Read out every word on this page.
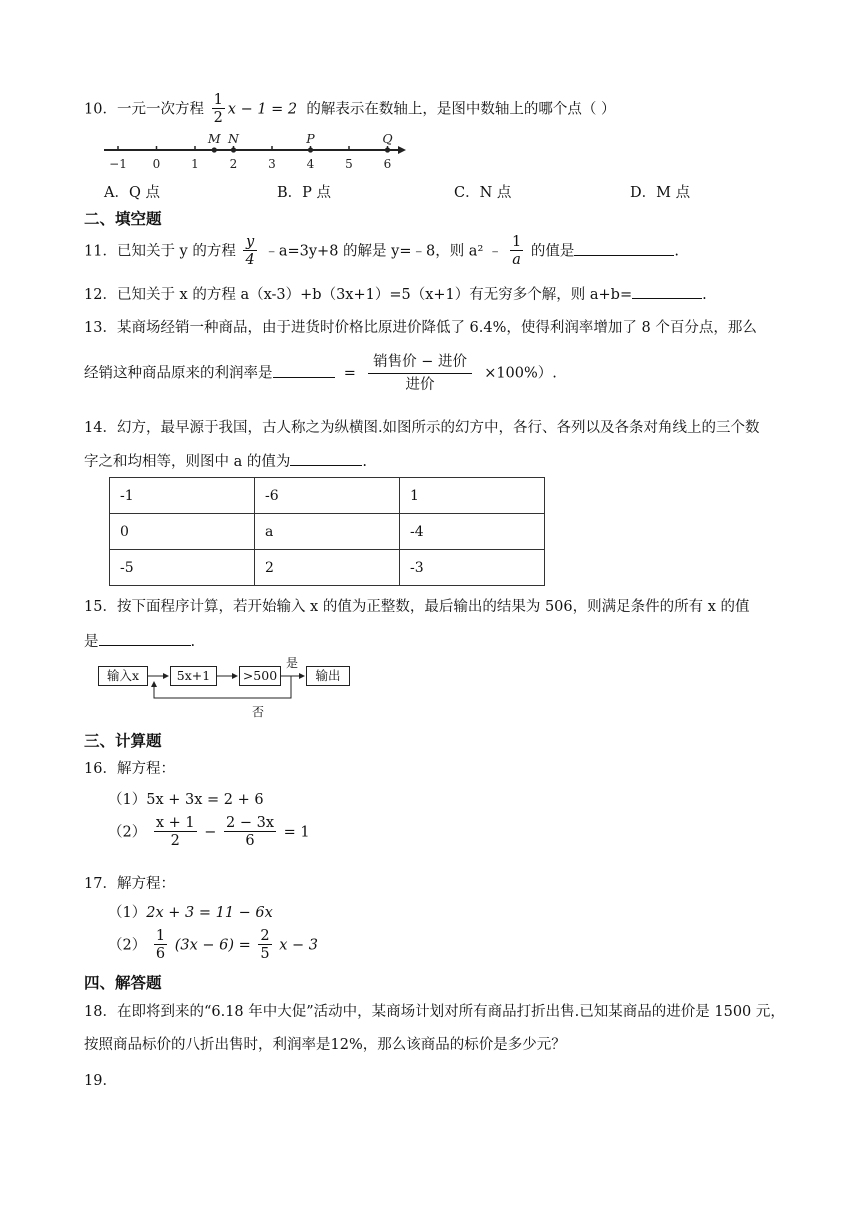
10．一元一次方程 $\frac{1}{2}$ x − 1 = 2 的解表示在数轴上，是图中数轴上的哪个点（ ）
−1 0	1	2	3	4	5	6
M N	P	Q
A．Q 点	B．P 点	C．N 点	D．M 点
二、填空题
11．已知关于 y 的方程 $\frac{y}{4}$ ﹣a=3y+8 的解是 y=﹣8，则 a² ﹣ $\frac{1}{a}$ 的值是	.
12．已知关于 x 的方程 a（x-3）+b（3x+1）=5（x+1）有无穷多个解，则 a+b=	.
13．某商场经销一种商品，由于进货时价格比原进价降低了 6.4%，使得利润率增加了 8 个百分点，那么
经销这种商品原来的利润率是	= $\frac{\text{销售价 − 进价}}{\text{进价}} \times 100\%$）.
14．幻方，最早源于我国，古人称之为纵横图.如图所示的幻方中，各行、各列以及各条对角线上的三个数
字之和均相等，则图中 a 的值为	.
-1	-6	1
0	a	-4
-5	2	-3
15．按下面程序计算，若开始输入 x 的值为正整数，最后输出的结果为 506，则满足条件的所有 x 的值
是	.
输入x	5x+1	>500	输出
是
否
三、计算题
16．解方程：
（1）5x + 3x = 2 + 6
$(2) \frac{x + 1}{2} - \frac{2 - 3x}{6} = 1$
17．解方程：
（1）2x + 3 = 11 − 6x
$(2) \frac{1}{6} (3x - 6) = \frac{2}{5}$ x − 3
四、解答题
18．在即将到来的“6.18 年中大促”活动中，某商场计划对所有商品打折出售.已知某商品的进价是 1500 元，
按照商品标价的八折出售时，利润率是12%，那么该商品的标价是多少元？
19．
